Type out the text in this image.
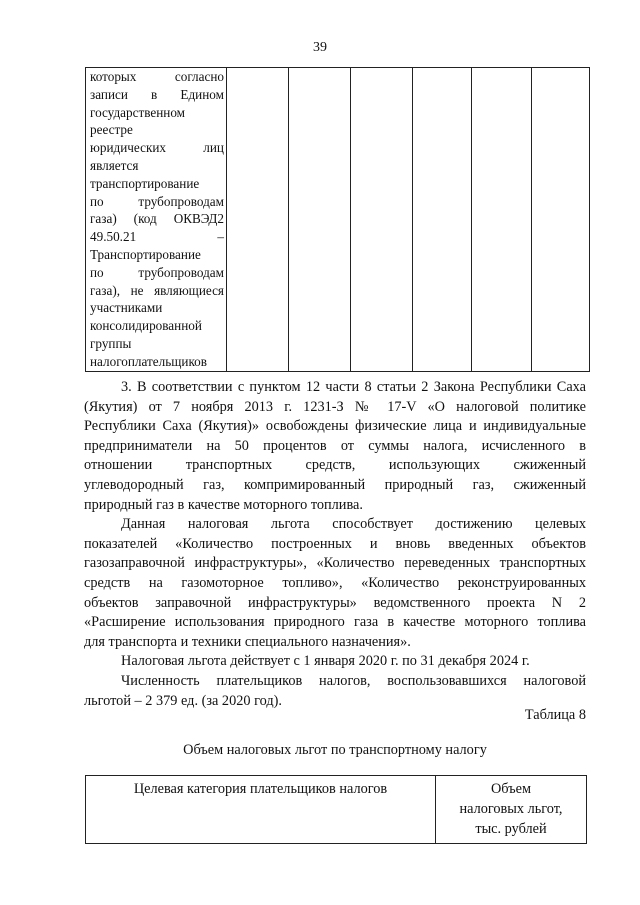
39
которых согласно
записи в Едином
государственном
реестре
юридических лиц
является
транспортирование
по трубопроводам
газа) (код ОКВЭД2
49.50.21 –
Транспортирование
по трубопроводам
газа), не являющиеся
участниками
консолидированной
группы
налогоплательщиков

3. В соответствии с пунктом 12 части 8 статьи 2 Закона Республики Саха
(Якутия) от 7 ноября 2013 г. 1231-З № 17-V «О налоговой политике
Республики Саха (Якутия)» освобождены физические лица и индивидуальные
предприниматели на 50 процентов от суммы налога, исчисленного в
отношении транспортных средств, использующих сжиженный
углеводородный газ, компримированный природный газ, сжиженный
природный газ в качестве моторного топлива.

Данная налоговая льгота способствует достижению целевых
показателей «Количество построенных и вновь введенных объектов
газозаправочной инфраструктуры», «Количество переведенных транспортных
средств на газомоторное топливо», «Количество реконструированных
объектов заправочной инфраструктуры» ведомственного проекта N 2
«Расширение использования природного газа в качестве моторного топлива
для транспорта и техники специального назначения».

Налоговая льгота действует с 1 января 2020 г. по 31 декабря 2024 г.

Численность плательщиков налогов, воспользовавшихся налоговой
льготой – 2 379 ед. (за 2020 год).

Таблица 8
Объем налоговых льгот по транспортному налогу
Целевая категория плательщиков налогов	Объем
налоговых льгот,
тыс. рублей
